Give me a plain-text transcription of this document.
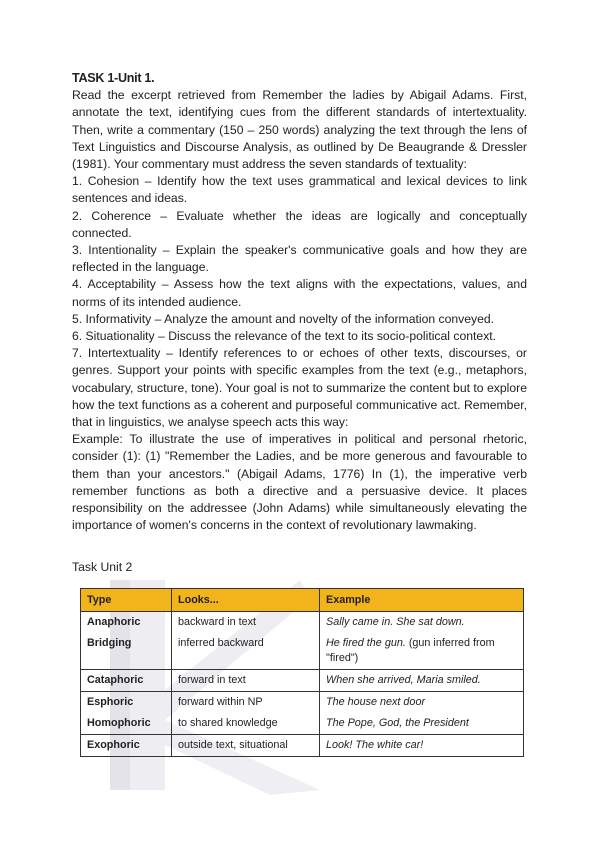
TASK 1-Unit 1.

Read the excerpt retrieved from Remember the ladies by Abigail Adams. First, annotate the text, identifying cues from the different standards of intertextuality. Then, write a commentary (150 – 250 words) analyzing the text through the lens of Text Linguistics and Discourse Analysis, as outlined by De Beaugrande & Dressler (1981). Your commentary must address the seven standards of textuality:

1. Cohesion – Identify how the text uses grammatical and lexical devices to link sentences and ideas.

2. Coherence – Evaluate whether the ideas are logically and conceptually connected.

3. Intentionality – Explain the speaker's communicative goals and how they are reflected in the language.

4. Acceptability – Assess how the text aligns with the expectations, values, and norms of its intended audience.

5. Informativity – Analyze the amount and novelty of the information conveyed.

6. Situationality – Discuss the relevance of the text to its socio-political context.

7. Intertextuality – Identify references to or echoes of other texts, discourses, or genres. Support your points with specific examples from the text (e.g., metaphors, vocabulary, structure, tone). Your goal is not to summarize the content but to explore how the text functions as a coherent and purposeful communicative act. Remember, that in linguistics, we analyse speech acts this way:

Example: To illustrate the use of imperatives in political and personal rhetoric, consider (1): (1) "Remember the Ladies, and be more generous and favourable to them than your ancestors." (Abigail Adams, 1776) In (1), the imperative verb remember functions as both a directive and a persuasive device. It places responsibility on the addressee (John Adams) while simultaneously elevating the importance of women's concerns in the context of revolutionary lawmaking.

Task Unit 2
Type	Looks...	Example
Anaphoric	backward in text	Sally came in. She sat down.
Bridging	inferred backward	He fired the gun. (gun inferred from "fired")
Cataphoric	forward in text	When she arrived, Maria smiled.
Esphoric	forward within NP	The house next door
Homophoric	to shared knowledge	The Pope, God, the President
Exophoric	outside text, situational	Look! The white car!
